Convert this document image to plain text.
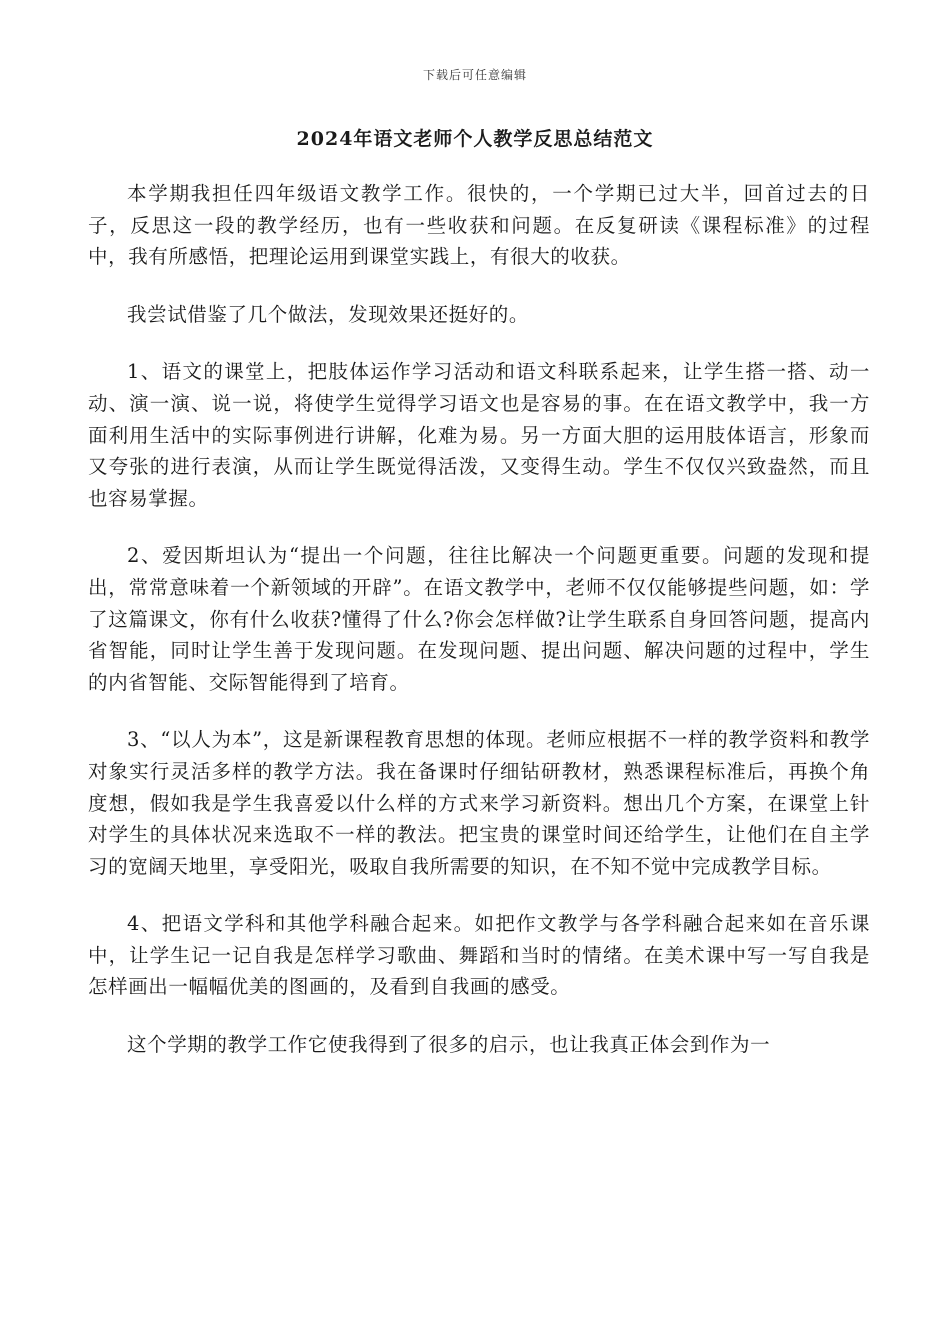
下载后可任意编辑
2024年语文老师个人教学反思总结范文

本学期我担任四年级语文教学工作。很快的，一个学期已过大半，回首过去的日子，反思这一段的教学经历，也有一些收获和问题。在反复研读《课程标准》的过程中，我有所感悟，把理论运用到课堂实践上，有很大的收获。

我尝试借鉴了几个做法，发现效果还挺好的。

1、语文的课堂上，把肢体运作学习活动和语文科联系起来，让学生搭一搭、动一动、演一演、说一说，将使学生觉得学习语文也是容易的事。在在语文教学中，我一方面利用生活中的实际事例进行讲解，化难为易。另一方面大胆的运用肢体语言，形象而又夸张的进行表演，从而让学生既觉得活泼，又变得生动。学生不仅仅兴致盎然，而且也容易掌握。

2、爱因斯坦认为“提出一个问题，往往比解决一个问题更重要。问题的发现和提出，常常意味着一个新领域的开辟”。在语文教学中，老师不仅仅能够提些问题，如：学了这篇课文，你有什么收获?懂得了什么?你会怎样做?让学生联系自身回答问题，提高内省智能，同时让学生善于发现问题。在发现问题、提出问题、解决问题的过程中，学生的内省智能、交际智能得到了培育。

3、“以人为本”，这是新课程教育思想的体现。老师应根据不一样的教学资料和教学对象实行灵活多样的教学方法。我在备课时仔细钻研教材，熟悉课程标准后，再换个角度想，假如我是学生我喜爱以什么样的方式来学习新资料。想出几个方案，在课堂上针对学生的具体状况来选取不一样的教法。把宝贵的课堂时间还给学生，让他们在自主学习的宽阔天地里，享受阳光，吸取自我所需要的知识，在不知不觉中完成教学目标。

4、把语文学科和其他学科融合起来。如把作文教学与各学科融合起来如在音乐课中，让学生记一记自我是怎样学习歌曲、舞蹈和当时的情绪。在美术课中写一写自我是怎样画出一幅幅优美的图画的，及看到自我画的感受。

这个学期的教学工作它使我得到了很多的启示，也让我真正体会到作为一
